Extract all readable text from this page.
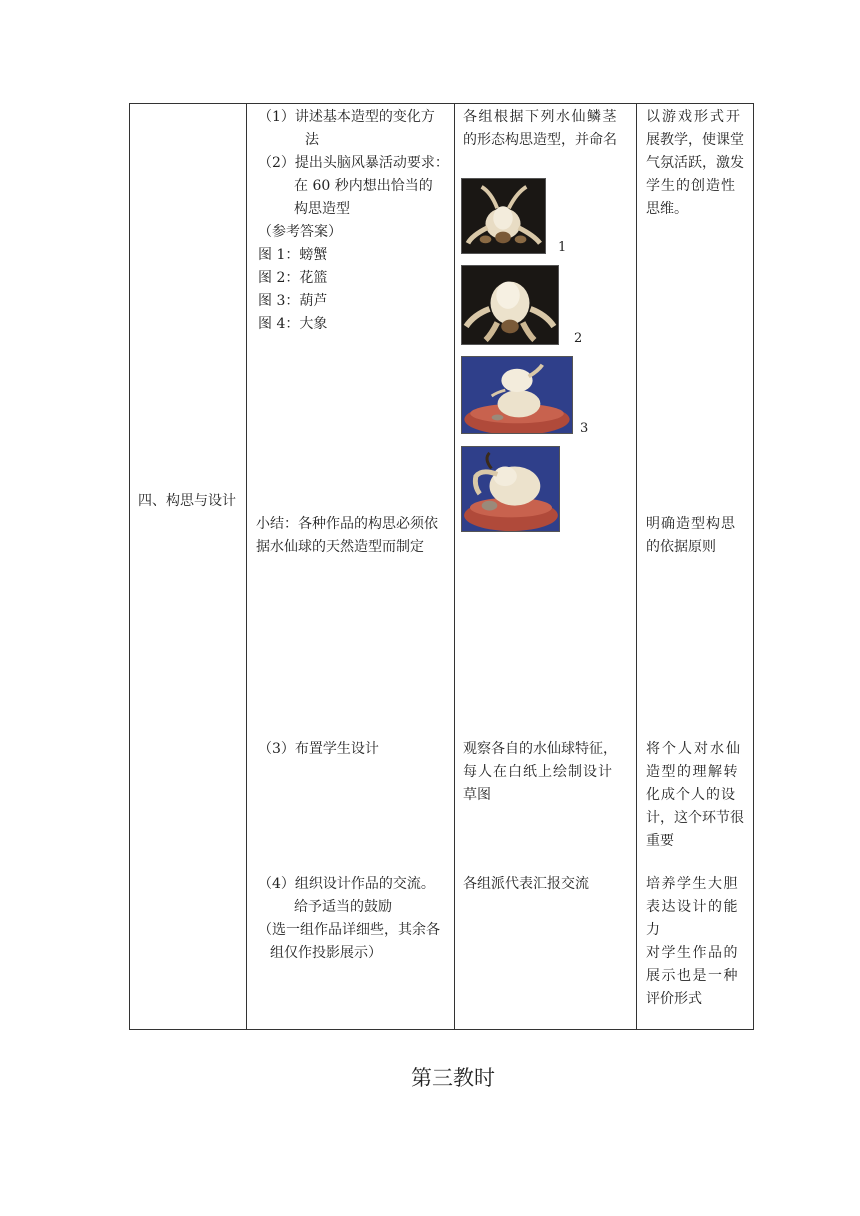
四、构思与设计
（1）讲述基本造型的变化方
法
（2）提出头脑风暴活动要求：
在 60 秒内想出恰当的
构思造型
（参考答案）
图 1：螃蟹
图 2：花篮
图 3：葫芦
图 4：大象
小结：各种作品的构思必须依
据水仙球的天然造型而制定
（3）布置学生设计
（4）组织设计作品的交流。
给予适当的鼓励
（选一组作品详细些，其余各
组仅作投影展示）
各组根据下列水仙鳞茎
的形态构思造型，并命名
1
2
3
观察各自的水仙球特征，
每人在白纸上绘制设计
草图
各组派代表汇报交流
以游戏形式开
展教学，使课堂
气氛活跃，激发
学生的创造性
思维。
明确造型构思
的依据原则
将个人对水仙
造型的理解转
化成个人的设
计，这个环节很
重要
培养学生大胆
表达设计的能
力
对学生作品的
展示也是一种
评价形式
第三教时
